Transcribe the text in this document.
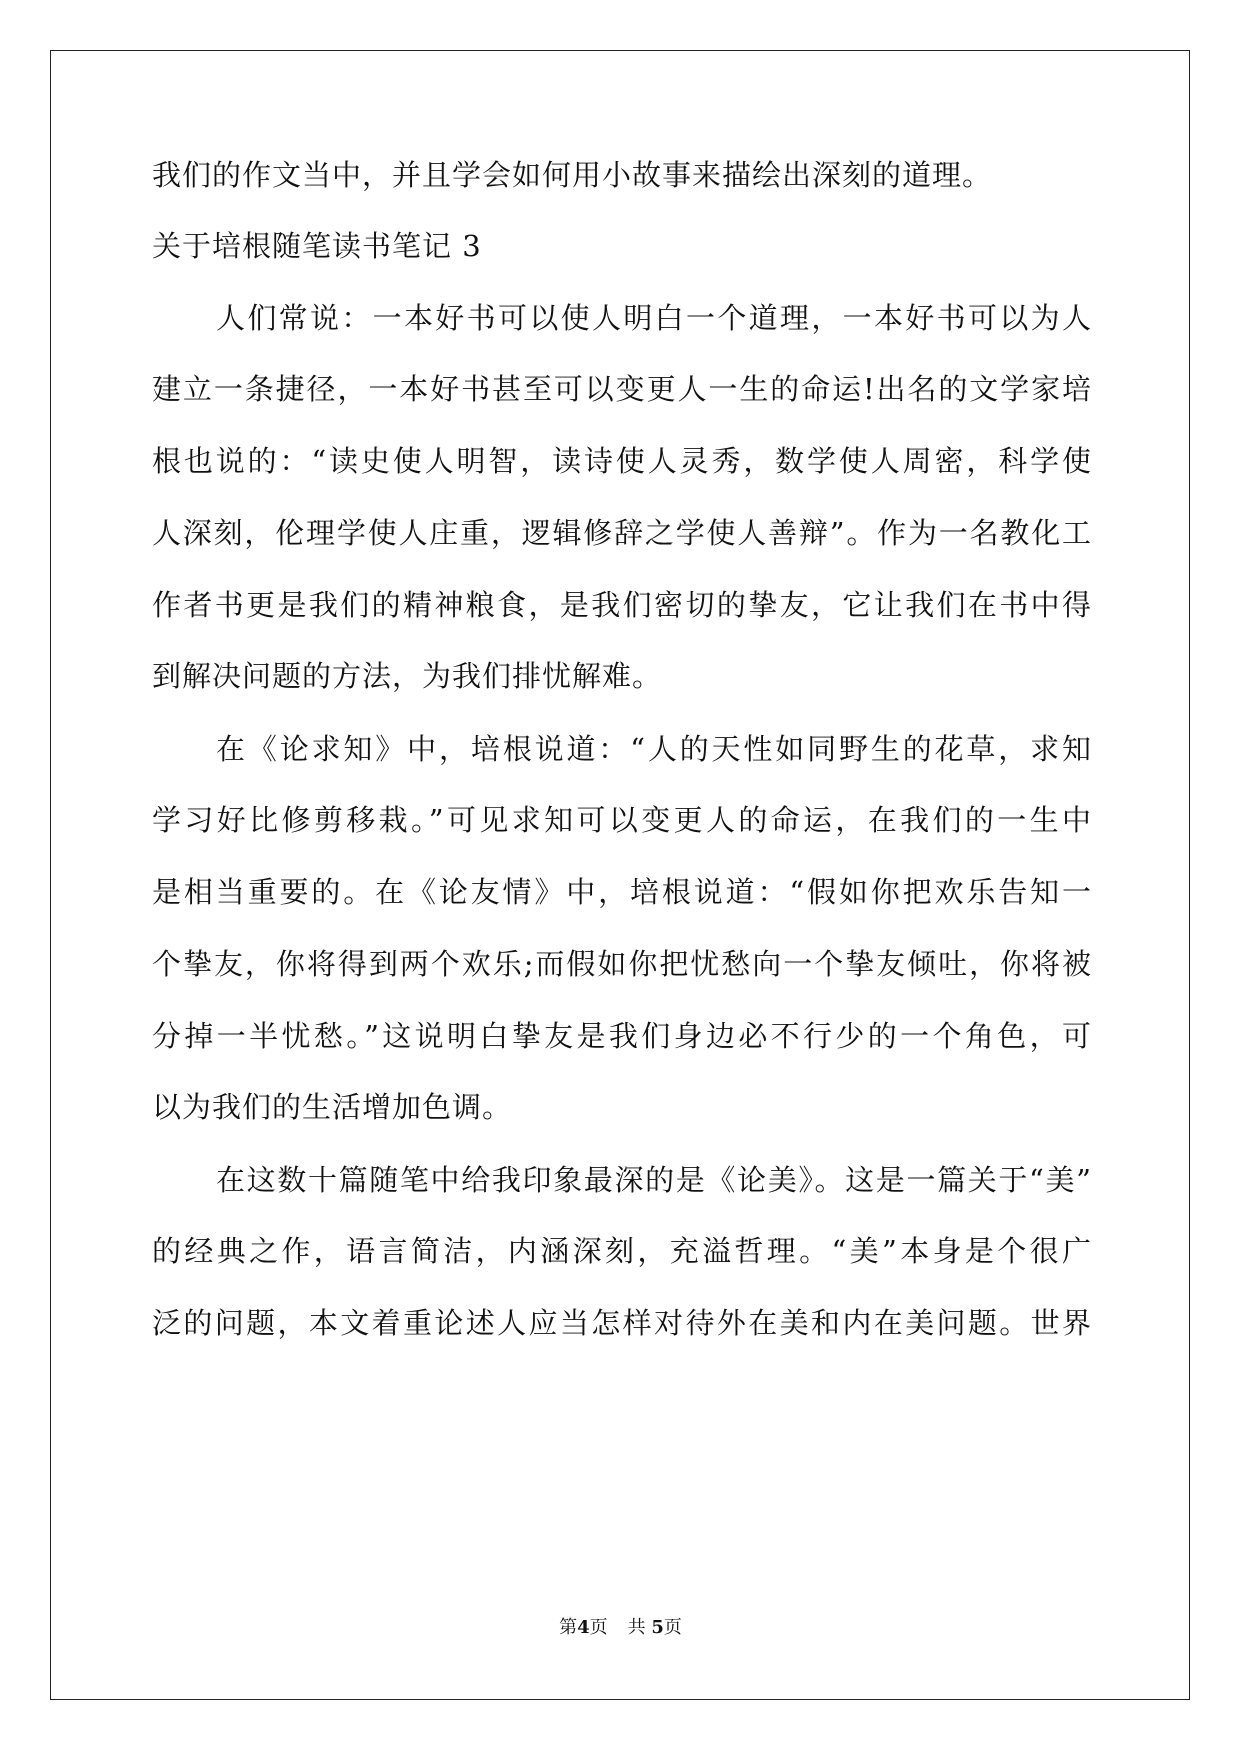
我们的作文当中，并且学会如何用小故事来描绘出深刻的道理。
关于培根随笔读书笔记 3
人们常说：一本好书可以使人明白一个道理，一本好书可以为人
建立一条捷径，一本好书甚至可以变更人一生的命运!出名的文学家培
根也说的：“读史使人明智，读诗使人灵秀，数学使人周密，科学使
人深刻，伦理学使人庄重，逻辑修辞之学使人善辩”。作为一名教化工
作者书更是我们的精神粮食，是我们密切的挚友，它让我们在书中得
到解决问题的方法，为我们排忧解难。
在《论求知》中，培根说道：“人的天性如同野生的花草，求知
学习好比修剪移栽。”可见求知可以变更人的命运，在我们的一生中
是相当重要的。在《论友情》中，培根说道：“假如你把欢乐告知一
个挚友，你将得到两个欢乐;而假如你把忧愁向一个挚友倾吐，你将被
分掉一半忧愁。”这说明白挚友是我们身边必不行少的一个角色，可
以为我们的生活增加色调。
在这数十篇随笔中给我印象最深的是《论美》。这是一篇关于“美”
的经典之作，语言简洁，内涵深刻，充溢哲理。“美”本身是个很广
泛的问题，本文着重论述人应当怎样对待外在美和内在美问题。世界
第4页 共 5页
